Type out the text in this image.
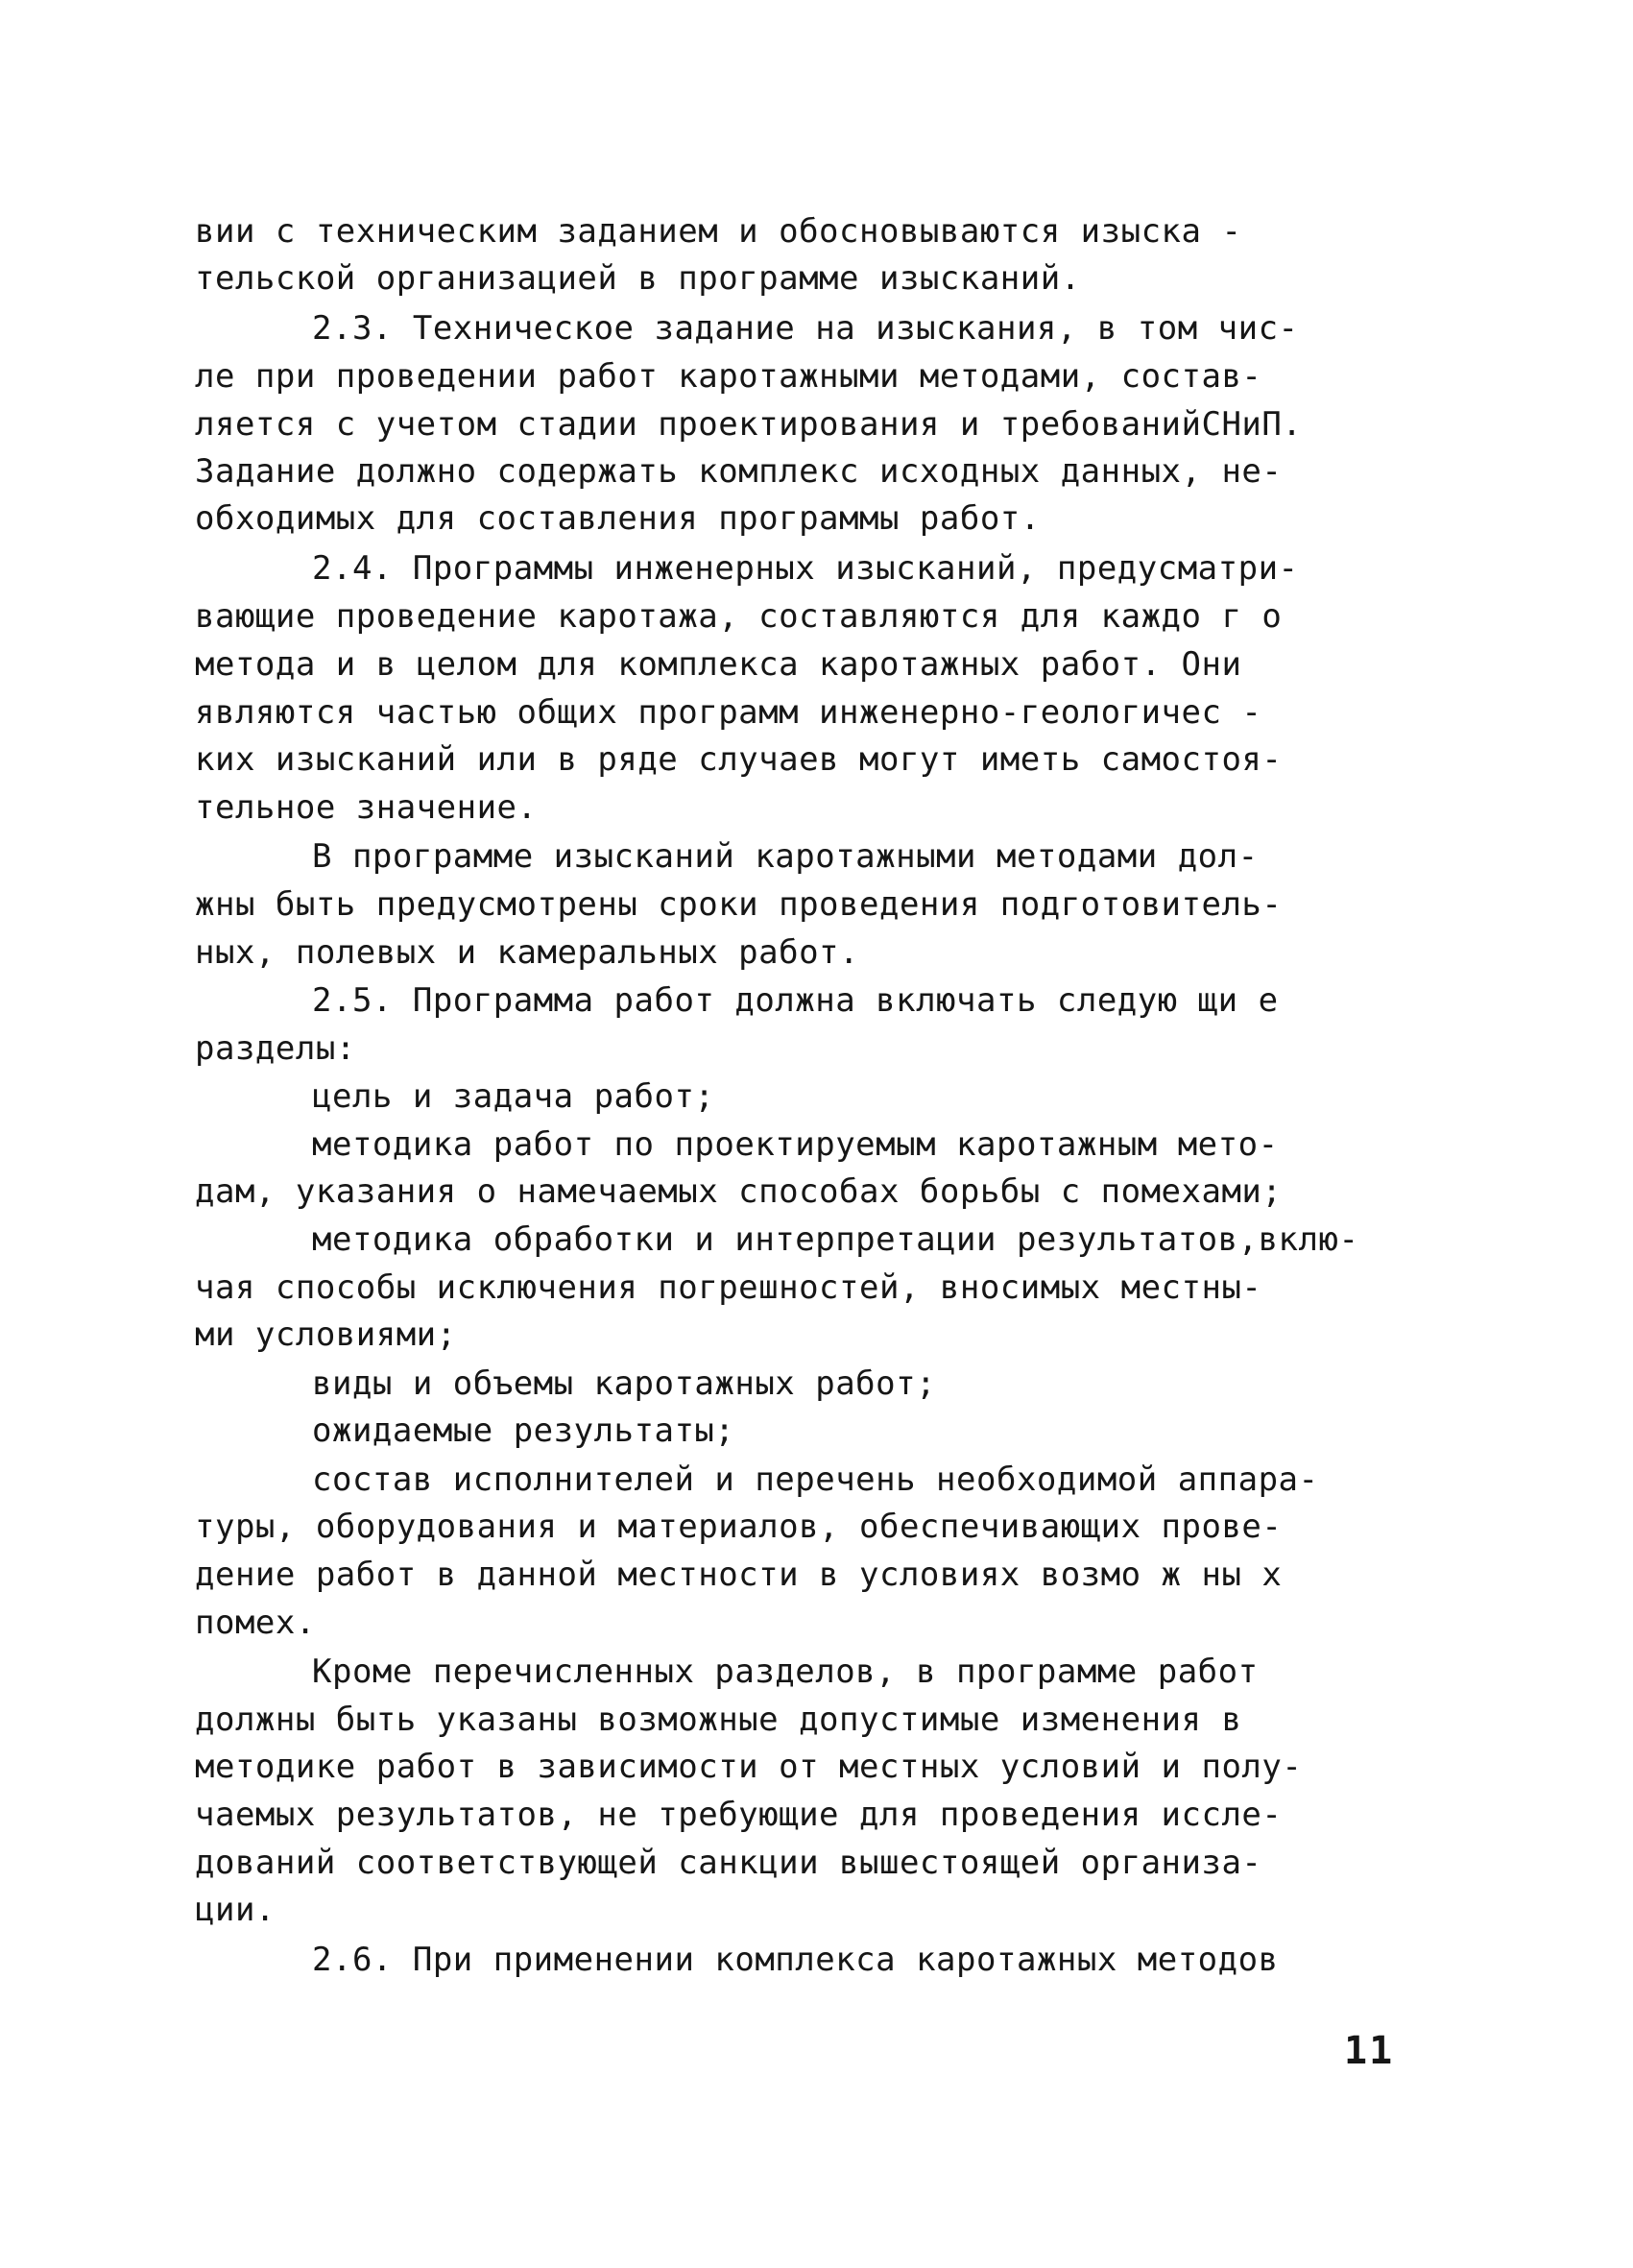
вии с техническим заданием и обосновываются изыска -
тельской организацией в программе изысканий.
2.3. Техническое задание на изыскания, в том чис-
ле при проведении работ каротажными методами, состав-
ляется с учетом стадии проектирования и требованийСНиП.
Задание должно содержать комплекс исходных данных, не-
обходимых для составления программы работ.
2.4. Программы инженерных изысканий, предусматри-
вающие проведение каротажа, составляются для каждо г о
метода и в целом для комплекса каротажных работ. Они
являются частью общих программ инженерно-геологичес -
ких изысканий или в ряде случаев могут иметь самостоя-
тельное значение.
В программе изысканий каротажными методами дол-
жны быть предусмотрены сроки проведения подготовитель-
ных, полевых и камеральных работ.
2.5. Программа работ должна включать следую щи е
разделы:
цель и задача работ;
методика работ по проектируемым каротажным мето-
дам, указания о намечаемых способах борьбы с помехами;
методика обработки и интерпретации результатов,вклю-
чая способы исключения погрешностей, вносимых местны-
ми условиями;
виды и объемы каротажных работ;
ожидаемые результаты;
состав исполнителей и перечень необходимой аппара-
туры, оборудования и материалов, обеспечивающих прове-
дение работ в данной местности в условиях возмо ж ны х
помех.
Кроме перечисленных разделов, в программе работ
должны быть указаны возможные допустимые изменения в
методике работ в зависимости от местных условий и полу-
чаемых результатов, не требующие для проведения иссле-
дований соответствующей санкции вышестоящей организа-
ции.
2.6. При применении комплекса каротажных методов
11
